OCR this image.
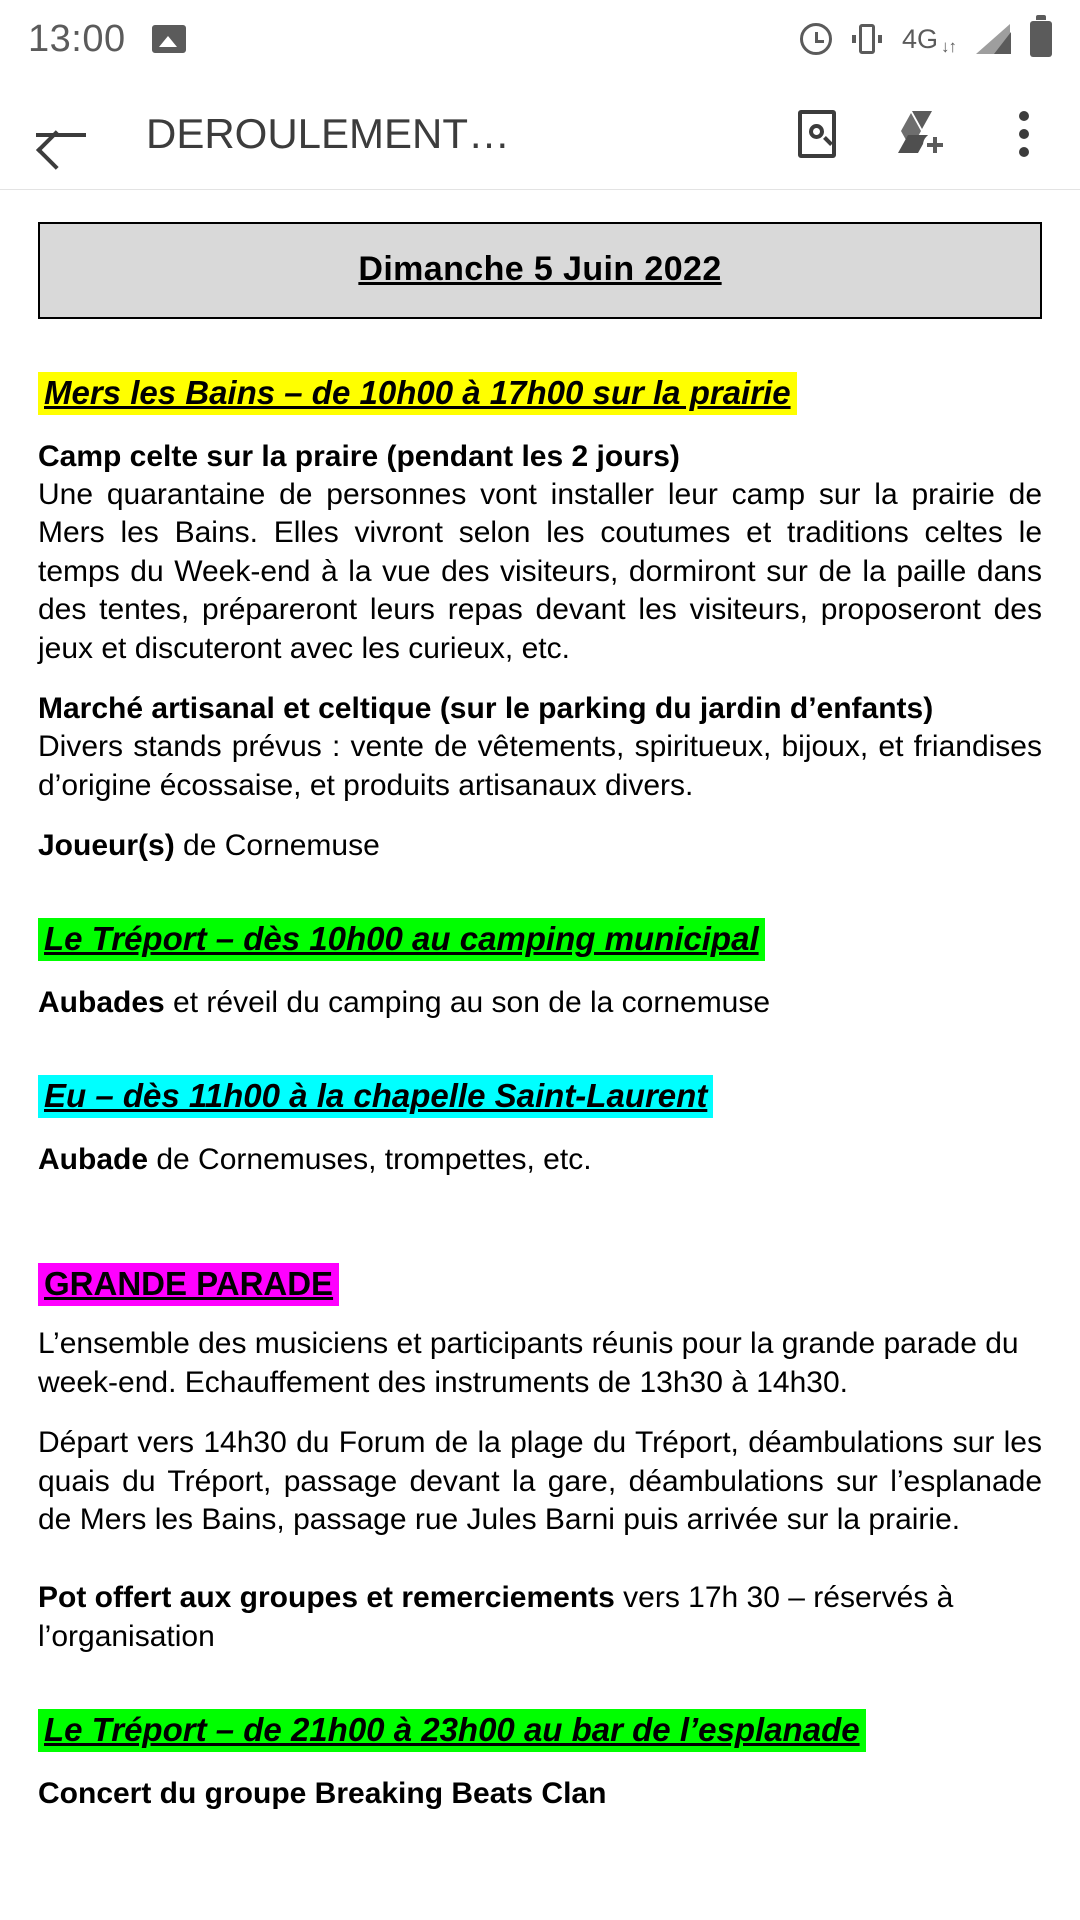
13:00	4G ↓↑
DEROULEMENT…
Dimanche 5 Juin 2022
Mers les Bains – de 10h00 à 17h00 sur la prairie
Camp celte sur la praire (pendant les 2 jours)
Une quarantaine de personnes vont installer leur camp sur la prairie de Mers les Bains. Elles vivront selon les coutumes et traditions celtes le temps du Week-end à la vue des visiteurs, dormiront sur de la paille dans des tentes, prépareront leurs repas devant les visiteurs, proposeront des jeux et discuteront avec les curieux, etc.
Marché artisanal et celtique (sur le parking du jardin d’enfants)
Divers stands prévus : vente de vêtements, spiritueux, bijoux, et friandises d’origine écossaise, et produits artisanaux divers.
Joueur(s) de Cornemuse
Le Tréport – dès 10h00 au camping municipal
Aubades et réveil du camping au son de la cornemuse
Eu – dès 11h00 à la chapelle Saint-Laurent
Aubade de Cornemuses, trompettes, etc.
GRANDE PARADE
L’ensemble des musiciens et participants réunis pour la grande parade du week-end. Echauffement des instruments de 13h30 à 14h30.
Départ vers 14h30 du Forum de la plage du Tréport, déambulations sur les quais du Tréport, passage devant la gare, déambulations sur l’esplanade de Mers les Bains, passage rue Jules Barni puis arrivée sur la prairie.
Pot offert aux groupes et remerciements vers 17h 30 – réservés à l’organisation
Le Tréport – de 21h00 à 23h00 au bar de l’esplanade
Concert du groupe Breaking Beats Clan
